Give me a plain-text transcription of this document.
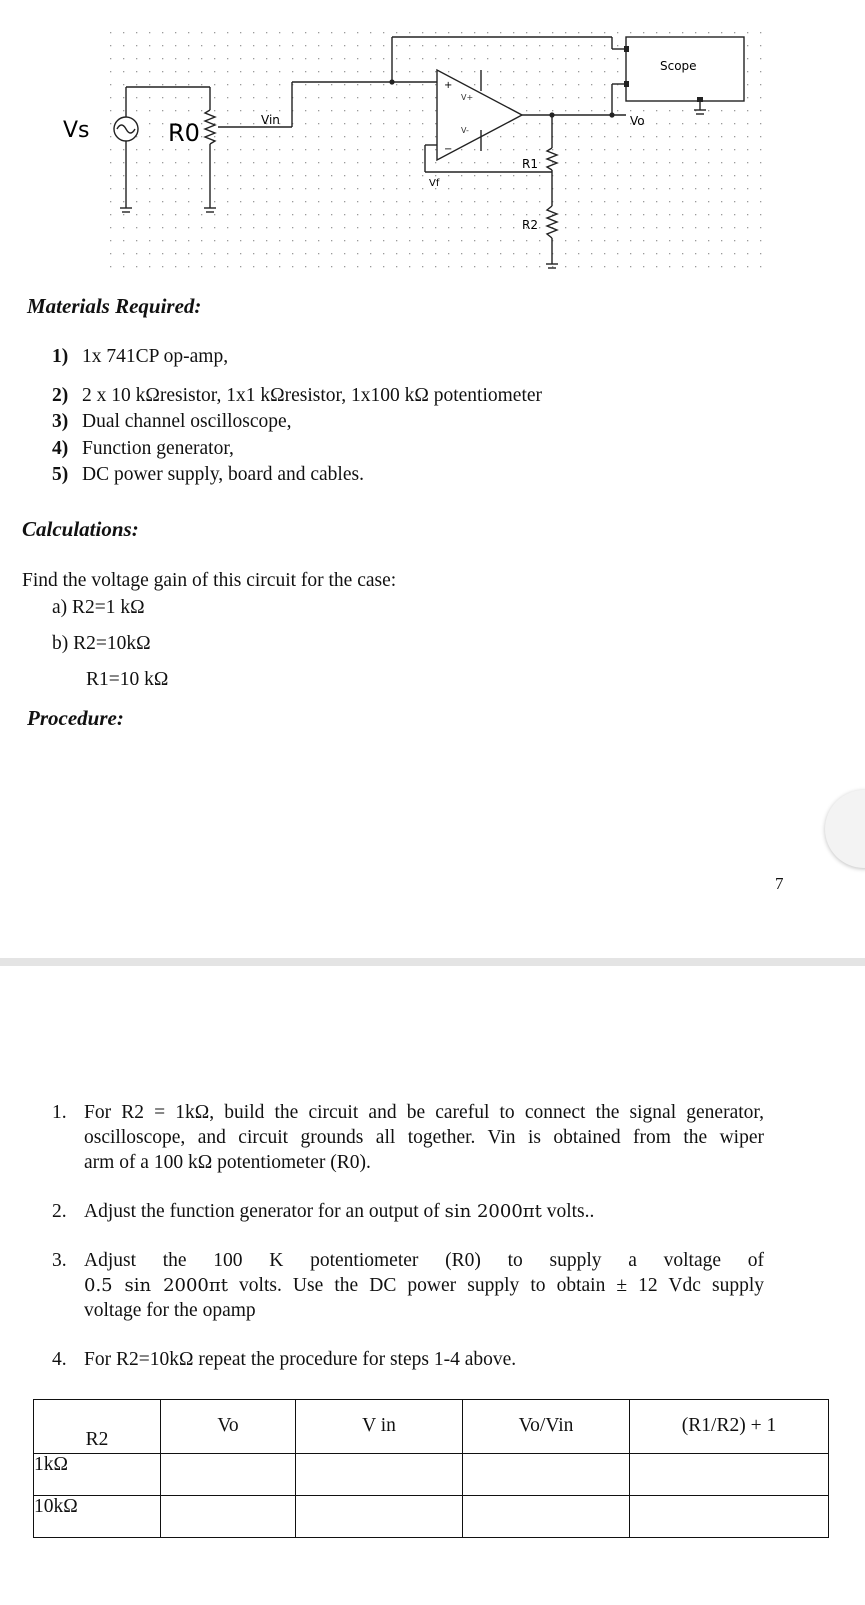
+
−
V+
V-
Vs	R0	Vin
Vf
R1
R2
Vo
Scope
Materials Required:
1) 1x 741CP op-amp,
2) 2 x 10 kΩresistor, 1x1 kΩresistor, 1x100 kΩ potentiometer
3) Dual channel oscilloscope,
4) Function generator,
5) DC power supply, board and cables.
Calculations:
Find the voltage gain of this circuit for the case:
a) R2=1 kΩ
b) R2=10kΩ
R1=10 kΩ
Procedure:
7
1. For R2 = 1kΩ, build the circuit and be careful to connect the signal generator,
oscilloscope, and circuit grounds all together. Vin is obtained from the wiper
arm of a 100 kΩ potentiometer (R0).
2. Adjust the function generator for an output of sin 2000πt volts..
3. Adjust the 100 K potentiometer (R0) to supply a voltage of
0.5 sin 2000πt volts. Use the DC power supply to obtain ± 12 Vdc supply
voltage for the opamp
4. For R2=10kΩ repeat the procedure for steps 1-4 above.
R2	Vo	V in	Vo/Vin	(R1/R2) + 1
1kΩ				
10kΩ				
